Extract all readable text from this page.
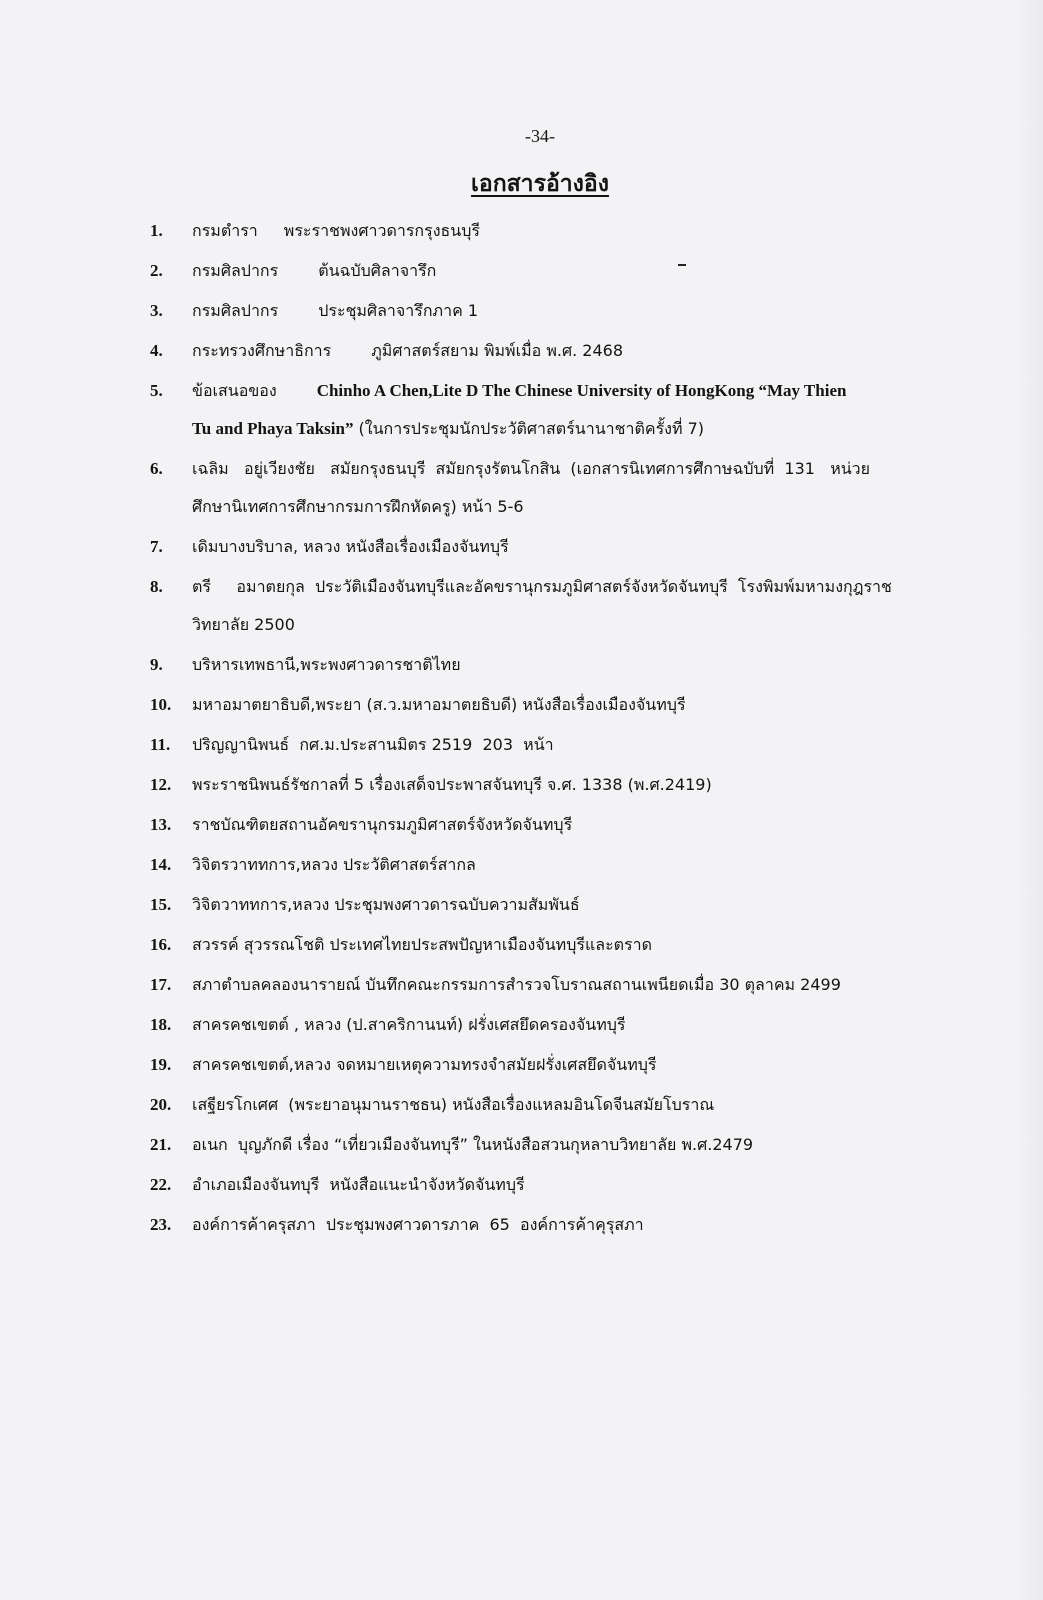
-34-
เอกสารอ้างอิง
1.	กรมตำรา พระราชพงศาวดารกรุงธนบุรี
2.	กรมศิลปากร	ต้นฉบับศิลาจารึก
3.	กรมศิลปากร	ประชุมศิลาจารึกภาค 1
4.	กระทรวงศึกษาธิการ	ภูมิศาสตร์สยาม พิมพ์เมื่อ พ.ศ. 2468
5.	ข้อเสนอของ Chinho A Chen,Lite D The Chinese University of HongKong “May Thien
Tu and Phaya Taksin” (ในการประชุมนักประวัติศาสตร์นานาชาติครั้งที่ 7)
6.	เฉลิม   อยู่เวียงชัย   สมัยกรุงธนบุรี  สมัยกรุงรัตนโกสิน  (เอกสารนิเทศการศึกาษฉบับที่  131   หน่วย
ศึกษานิเทศการศึกษากรมการฝึกหัดครู) หน้า 5-6
7.	เดิมบางบริบาล, หลวง หนังสือเรื่องเมืองจันทบุรี
8.	ตรี     อมาตยกุล  ประวัติเมืองจันทบุรีและอัคขรานุกรมภูมิศาสตร์จังหวัดจันทบุรี  โรงพิมพ์มหามงกุฎราช
วิทยาลัย 2500
9.	บริหารเทพธานี,พระพงศาวดารชาติไทย
10.	มหาอมาตยาธิบดี,พระยา (ส.ว.มหาอมาตยธิบดี) หนังสือเรื่องเมืองจันทบุรี
11.	ปริญญานิพนธ์  กศ.ม.ประสานมิตร 2519  203  หน้า
12.	พระราชนิพนธ์รัชกาลที่ 5 เรื่องเสด็จประพาสจันทบุรี จ.ศ. 1338 (พ.ศ.2419)
13.	ราชบัณฑิตยสถานอัคขรานุกรมภูมิศาสตร์จังหวัดจันทบุรี
14.	วิจิตรวาททการ,หลวง ประวัติศาสตร์สากล
15.	วิจิตวาททการ,หลวง ประชุมพงศาวดารฉบับความสัมพันธ์
16.	สวรรค์ สุวรรณโชติ ประเทศไทยประสพปัญหาเมืองจันทบุรีและตราด
17.	สภาตำบลคลองนารายณ์ บันทึกคณะกรรมการสำรวจโบราณสถานเพนียดเมื่อ 30 ตุลาคม 2499
18.	สาครคชเขตต์ , หลวง (ป.สาคริกานนท์) ฝรั่งเศสยึดครองจันทบุรี
19.	สาครคชเขตต์,หลวง จดหมายเหตุความทรงจำสมัยฝรั่งเศสยึดจันทบุรี
20.	เสฐียรโกเศศ  (พระยาอนุมานราชธน) หนังสือเรื่องแหลมอินโดจีนสมัยโบราณ
21.	อเนก  บุญภักดี เรื่อง “เที่ยวเมืองจันทบุรี” ในหนังสือสวนกุหลาบวิทยาลัย พ.ศ.2479
22.	อำเภอเมืองจันทบุรี  หนังสือแนะนำจังหวัดจันทบุรี
23.	องค์การค้าครุสภา  ประชุมพงศาวดารภาค  65  องค์การค้าคุรุสภา
